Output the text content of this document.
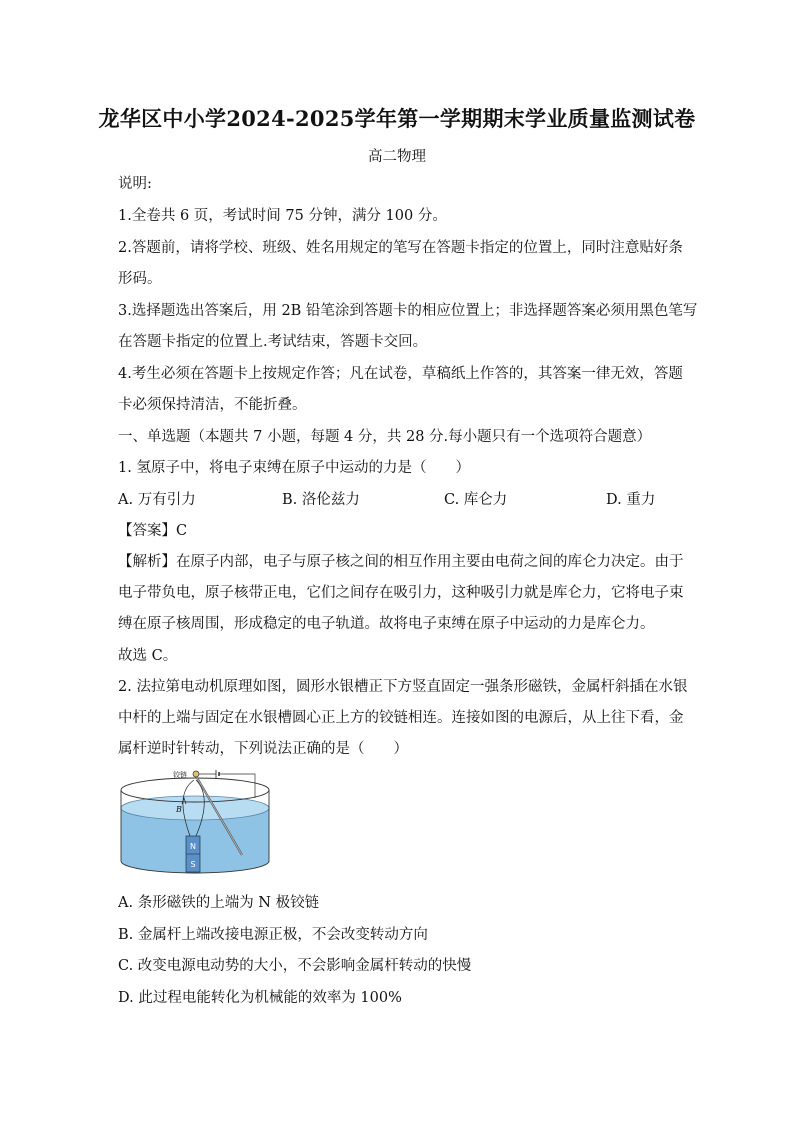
龙华区中小学2024-2025学年第一学期期末学业质量监测试卷
高二物理
说明:
1.全卷共 6 页，考试时间 75 分钟，满分 100 分。
2.答题前，请将学校、班级、姓名用规定的笔写在答题卡指定的位置上，同时注意贴好条
形码。
3.选择题选出答案后，用 2B 铅笔涂到答题卡的相应位置上；非选择题答案必须用黑色笔写
在答题卡指定的位置上.考试结束，答题卡交回。
4.考生必须在答题卡上按规定作答；凡在试卷，草稿纸上作答的，其答案一律无效，答题
卡必须保持清洁，不能折叠。
一、单选题（本题共 7 小题，每题 4 分，共 28 分.每小题只有一个选项符合题意）
1. 氢原子中，将电子束缚在原子中运动的力是（　　）
A. 万有引力	B. 洛伦兹力	C. 库仑力	D. 重力
【答案】C
【解析】在原子内部，电子与原子核之间的相互作用主要由电荷之间的库仑力决定。由于
电子带负电，原子核带正电，它们之间存在吸引力，这种吸引力就是库仑力，它将电子束
缚在原子核周围，形成稳定的电子轨道。故将电子束缚在原子中运动的力是库仑力。
故选 C。
2. 法拉第电动机原理如图，圆形水银槽正下方竖直固定一强条形磁铁，金属杆斜插在水银
中杆的上端与固定在水银槽圆心正上方的铰链相连。连接如图的电源后，从上往下看，金
属杆逆时针转动，下列说法正确的是（　　）
N
S
B
铰链
A. 条形磁铁的上端为 N 极铰链
B. 金属杆上端改接电源正极，不会改变转动方向
C. 改变电源电动势的大小，不会影响金属杆转动的快慢
D. 此过程电能转化为机械能的效率为 100%
